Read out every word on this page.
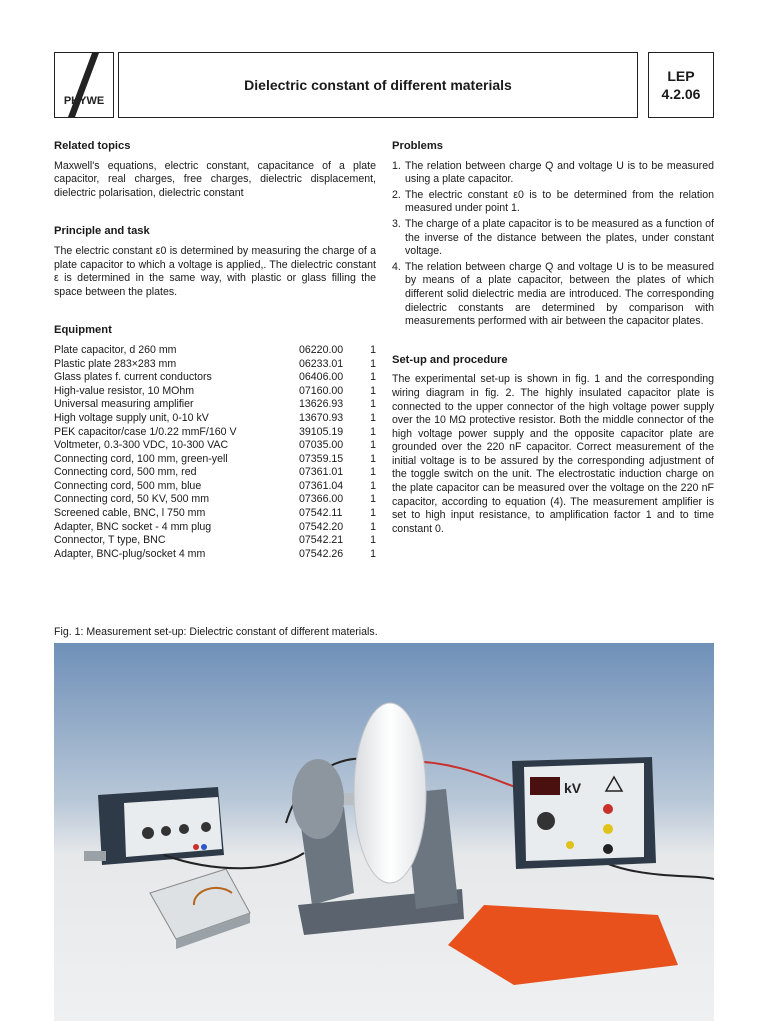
PHYWE
Dielectric constant of different materials
LEP
4.2.06
Related topics

Maxwell's equations, electric constant, capacitance of a plate capacitor, real charges, free charges, dielectric displacement, dielectric polarisation, dielectric constant

Principle and task

The electric constant ε0 is determined by measuring the charge of a plate capacitor to which a voltage is applied,. The dielectric constant ε is determined in the same way, with plastic or glass filling the space between the plates.

Equipment
Plate capacitor, d 260 mm	06220.00	1
Plastic plate 283×283 mm	06233.01	1
Glass plates f. current conductors	06406.00	1
High-value resistor, 10 MOhm	07160.00	1
Universal measuring amplifier	13626.93	1
High voltage supply unit, 0-10 kV	13670.93	1
PEK capacitor/case 1/0.22 mmF/160 V	39105.19	1
Voltmeter, 0.3-300 VDC, 10-300 VAC	07035.00	1
Connecting cord, 100 mm, green-yell	07359.15	1
Connecting cord, 500 mm, red	07361.01	1
Connecting cord, 500 mm, blue	07361.04	1
Connecting cord, 50 KV, 500 mm	07366.00	1
Screened cable, BNC, l 750 mm	07542.11	1
Adapter, BNC socket - 4 mm plug	07542.20	1
Connector, T type, BNC	07542.21	1
Adapter, BNC-plug/socket 4 mm	07542.26	1
Problems
1. The relation between charge Q and voltage U is to be measured using a plate capacitor.
2. The electric constant ε0 is to be determined from the relation measured under point 1.
3. The charge of a plate capacitor is to be measured as a function of the inverse of the distance between the plates, under constant voltage.
4. The relation between charge Q and voltage U is to be measured by means of a plate capacitor, between the plates of which different solid dielectric media are introduced. The corresponding dielectric constants are determined by comparison with measurements performed with air between the capacitor plates.
Set-up and procedure

The experimental set-up is shown in fig. 1 and the corresponding wiring diagram in fig. 2. The highly insulated capacitor plate is connected to the upper connector of the high voltage power supply over the 10 MΩ protective resistor. Both the middle connector of the high voltage power supply and the opposite capacitor plate are grounded over the 220 nF capacitor. Correct measurement of the initial voltage is to be assured by the corresponding adjustment of the toggle switch on the unit. The electrostatic induction charge on the plate capacitor can be measured over the voltage on the 220 nF capacitor, according to equation (4). The measurement amplifier is set to high input resistance, to amplification factor 1 and to time constant 0.

Fig. 1: Measurement set-up: Dielectric constant of different materials.
kV
